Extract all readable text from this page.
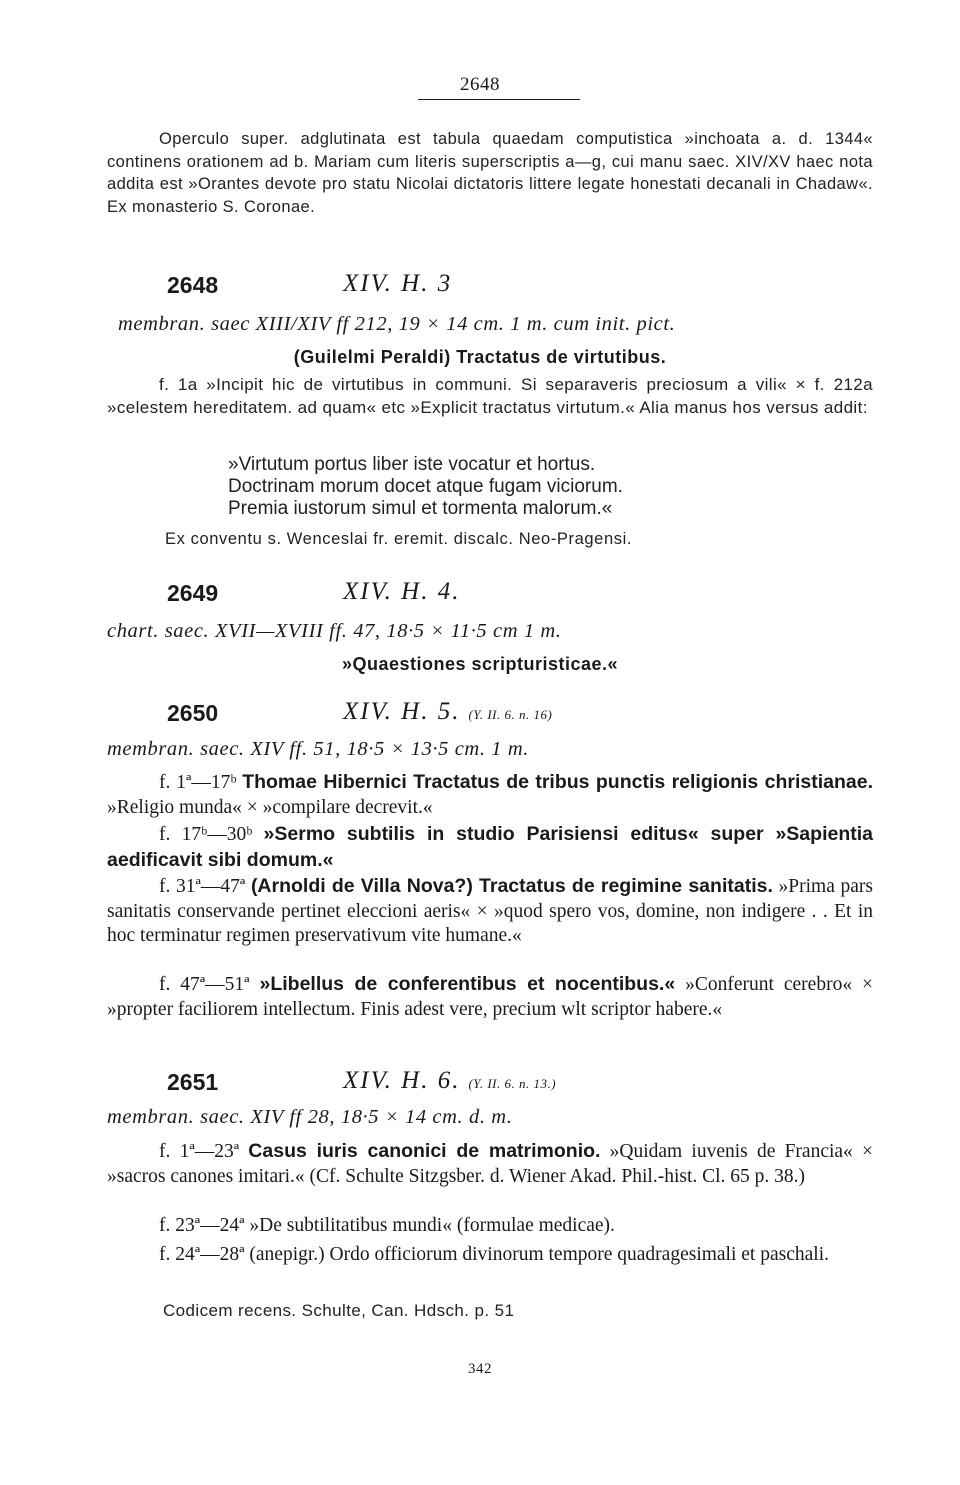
2648

Operculo super. adglutinata est tabula quaedam computistica »inchoata a. d. 1344« continens orationem ad b. Mariam cum literis superscriptis a—g, cui manu saec. XIV/XV haec nota addita est »Orantes devote pro statu Nicolai dictatoris littere legate honestati decanali in Chadaw«. Ex monasterio S. Coronae.

2648	XIV. H. 3
membran. saec XIII/XIV ff 212, 19 × 14 cm. 1 m. cum init. pict.
(Guilelmi Peraldi) Tractatus de virtutibus.

f. 1a »Incipit hic de virtutibus in communi. Si separaveris preciosum a vili« × f. 212a »celestem hereditatem. ad quam« etc »Explicit tractatus virtutum.« Alia manus hos versus addit:

»Virtutum portus liber iste vocatur et hortus.
Doctrinam morum docet atque fugam viciorum.
Premia iustorum simul et tormenta malorum.«
Ex conventu s. Wenceslai fr. eremit. discalc. Neo-Pragensi.
2649	XIV. H. 4.
chart. saec. XVII—XVIII ff. 47, 18·5 × 11·5 cm 1 m.
»Quaestiones scripturisticae.«
2650	XIV. H. 5. (Y. II. 6. n. 16)
membran. saec. XIV ff. 51, 18·5 × 13·5 cm. 1 m.

f. 1ª—17ᵇ Thomae Hibernici Tractatus de tribus punctis religionis christianae. »Religio munda« × »compilare decrevit.«

f. 17ᵇ—30ᵇ »Sermo subtilis in studio Parisiensi editus« super »Sapientia aedificavit sibi domum.«

f. 31ª—47ª (Arnoldi de Villa Nova?) Tractatus de regimine sanitatis. »Prima pars sanitatis conservande pertinet eleccioni aeris« × »quod spero vos, domine, non indigere . . Et in hoc terminatur regimen preservativum vite humane.«

f. 47ª—51ª »Libellus de conferentibus et nocentibus.« »Conferunt cerebro« × »propter faciliorem intellectum. Finis adest vere, precium wlt scriptor habere.«

2651	XIV. H. 6. (Y. II. 6. n. 13.)
membran. saec. XIV ff 28, 18·5 × 14 cm. d. m.

f. 1ª—23ª Casus iuris canonici de matrimonio. »Quidam iuvenis de Francia« × »sacros canones imitari.« (Cf. Schulte Sitzgsber. d. Wiener Akad. Phil.-hist. Cl. 65 p. 38.)

f. 23ª—24ª »De subtilitatibus mundi« (formulae medicae).

f. 24ª—28ª (anepigr.) Ordo officiorum divinorum tempore quadragesimali et paschali.

Codicem recens. Schulte, Can. Hdsch. p. 51
342
